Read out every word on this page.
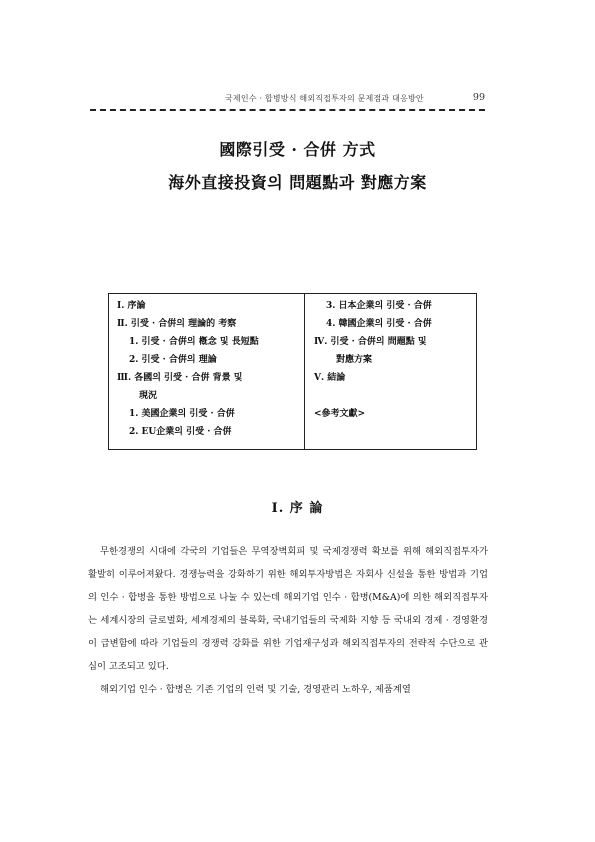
국제인수 · 합병방식 해외직접투자의 문제점과 대응방안	99

國際引受 · 合倂 方式

海外直接投資의 問題點과 對應方案

Ⅰ. 序論
Ⅱ. 引受 · 合倂의 理論的 考察
1. 引受 · 合倂의 槪念 및 長短點
2. 引受 · 合倂의 理論
Ⅲ. 各國의 引受 · 合倂 背景 및
現況
1. 美國企業의 引受 · 合倂
2. EU企業의 引受 · 合倂
3. 日本企業의 引受 · 合倂
4. 韓國企業의 引受 · 合倂
Ⅳ. 引受 · 合倂의 問題點 및
對應方案
Ⅴ. 結論
<參考文獻>
Ⅰ. 序 論

무한경쟁의 시대에 각국의 기업들은 무역장벽회피 및 국제경쟁력 확보를 위해 해외직접투자가 활발히 이루어져왔다. 경쟁능력을 강화하기 위한 해외투자방법은 자회사 신설을 통한 방법과 기업의 인수 · 합병을 통한 방법으로 나눌 수 있는데 해외기업 인수 · 합병(M&A)에 의한 해외직접투자는 세계시장의 글로벌화, 세계경제의 블록화, 국내기업들의 국제화 지향 등 국내외 경제 · 경영환경이 급변함에 따라 기업들의 경쟁력 강화를 위한 기업재구성과 해외직접투자의 전략적 수단으로 관심이 고조되고 있다.

해외기업 인수 · 합병은 기존 기업의 인력 및 기술, 경영관리 노하우, 제품계열
